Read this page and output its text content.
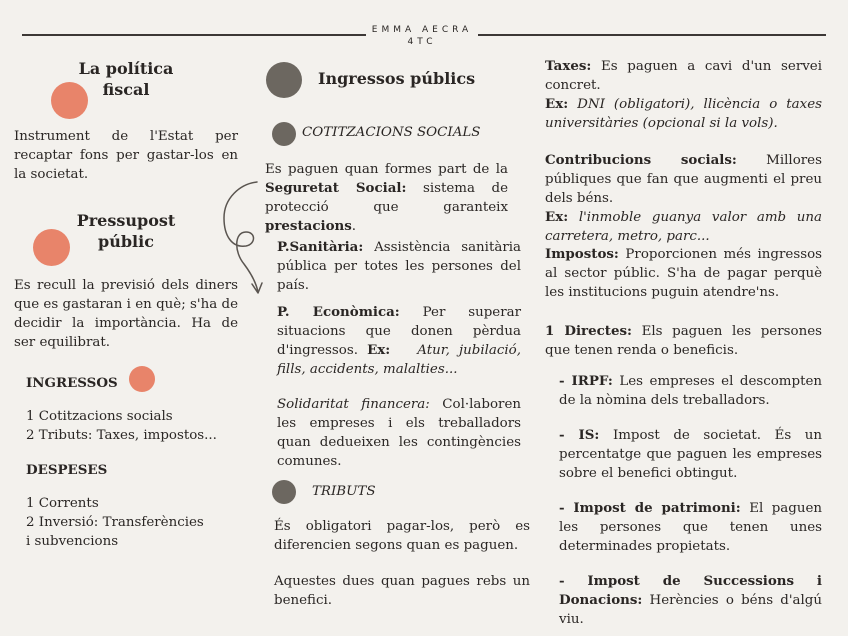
EMMA AECRA
4TC
La política
fiscal
Instrument de l'Estat per recaptar fons per gastar-los en la societat.
Pressupost
públic
Es recull la previsió dels diners que es gastaran i en què; s'ha de decidir la importància. Ha de ser equilibrat.
INGRESSOS
1 Cotitzacions socials
2 Tributs: Taxes, impostos...
DESPESES
1 Corrents
2 Inversió: Transferències
i subvencions
Ingressos públics
COTITZACIONS SOCIALS
Es paguen quan formes part de la
Seguretat Social: sistema de protecció que garanteix prestacions.
P.Sanitària: Assistència sanitària pública per totes les persones del país.
P. Econòmica: Per superar situacions que donen pèrdua d'ingressos. Ex: Atur, jubilació, fills, accidents, malalties...
Solidaritat financera: Col·laboren les empreses i els treballadors quan dedueixen les contingències comunes.
TRIBUTS
És obligatori pagar-los, però es diferencien segons quan es paguen.
Aquestes dues quan pagues rebs un benefici.
Taxes: Es paguen a cavi d'un servei concret.
Ex: DNI (obligatori), llicència o taxes universitàries (opcional si la vols).
Contribucions socials: Millores públiques que fan que augmenti el preu dels béns.
Ex: l'inmoble guanya valor amb una carretera, metro, parc...
Impostos: Proporcionen més ingressos al sector públic. S'ha de pagar perquè les institucions puguin atendre'ns.
1 Directes: Els paguen les persones que tenen renda o beneficis.
- IRPF: Les empreses el descompten de la nòmina dels treballadors.
- IS: Impost de societat. És un percentatge que paguen les empreses sobre el benefici obtingut.
- Impost de patrimoni: El paguen les persones que tenen unes determinades propietats.
- Impost de Successions i Donacions: Herències o béns d'algú viu.
